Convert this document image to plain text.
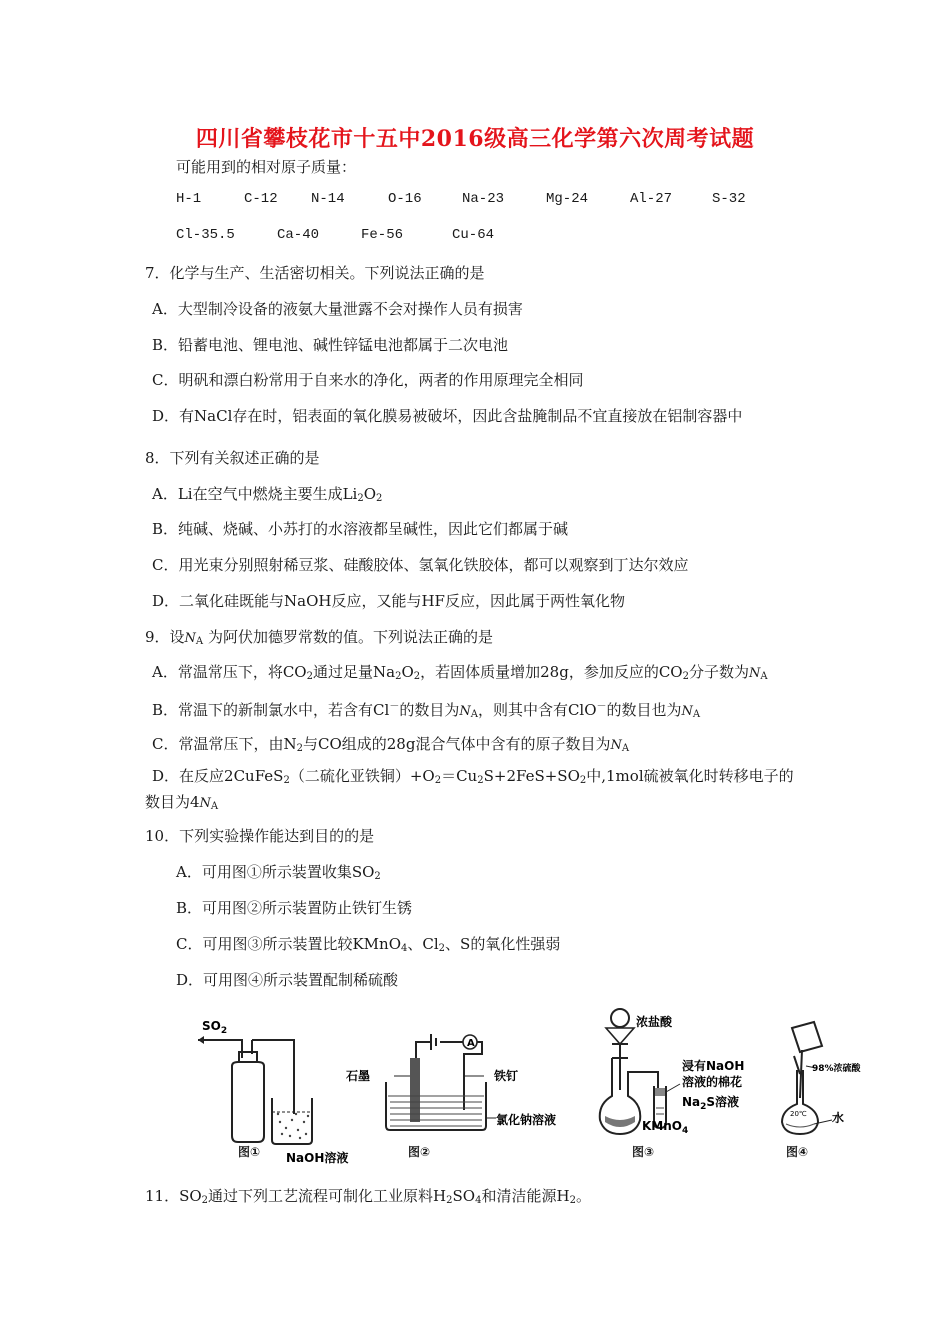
四川省攀枝花市十五中2016级高三化学第六次周考试题
可能用到的相对原子质量：
H-1	C-12 N-14	O-16	Na-23	Mg-24	Al-27	S-32
Cl-35.5	Ca-40	Fe-56	Cu-64
7．化学与生产、生活密切相关。下列说法正确的是
A．大型制冷设备的液氨大量泄露不会对操作人员有损害
B．铅蓄电池、锂电池、碱性锌锰电池都属于二次电池
C．明矾和漂白粉常用于自来水的净化，两者的作用原理完全相同
D．有NaCl存在时，铝表面的氧化膜易被破坏，因此含盐腌制品不宜直接放在铝制容器中
8．下列有关叙述正确的是
A．Li在空气中燃烧主要生成$Li_2O_2$
B．纯碱、烧碱、小苏打的水溶液都呈碱性，因此它们都属于碱
C．用光束分别照射稀豆浆、硅酸胶体、氢氧化铁胶体，都可以观察到丁达尔效应
D．二氧化硅既能与NaOH反应，又能与HF反应，因此属于两性氧化物
9．设$N_A$ 为阿伏加德罗常数的值。下列说法正确的是
A．常温常压下，将$CO_2$通过足量$Na_2O_2$，若固体质量增加28g，参加反应的$CO_2$分子数为$N_A$
B．常温下的新制氯水中，若含有Cl－的数目为$N_A$，则其中含有ClO－的数目也为$N_A$
C．常温常压下，由$N_2$与CO组成的28g混合气体中含有的原子数目为$N_A$
D．在反应2CuFeS$_2$（二硫化亚铁铜）$+O_2=Cu_2S+2FeS+SO_2$中,1mol硫被氧化时转移电子的
数目为$4N_A$
10．下列实验操作能达到目的的是
A．可用图①所示装置收集$SO_2$
B．可用图②所示装置防止铁钉生锈
C．可用图③所示装置比较KMnO$_4$、$Cl_2$、S的氧化性强弱
D．可用图④所示装置配制稀硫酸
$SO_2$
NaOH溶液
图①
A
石墨	铁钉
氯化钠溶液
图②
浓盐酸
浸有NaOH
溶液的棉花
$Na_2S$溶液
KMnO$_4$
图③
98%浓硫酸
20℃ 水
图④
11．$SO_2$通过下列工艺流程可制化工业原料$H_2SO_4$和清洁能源$H_2$。
